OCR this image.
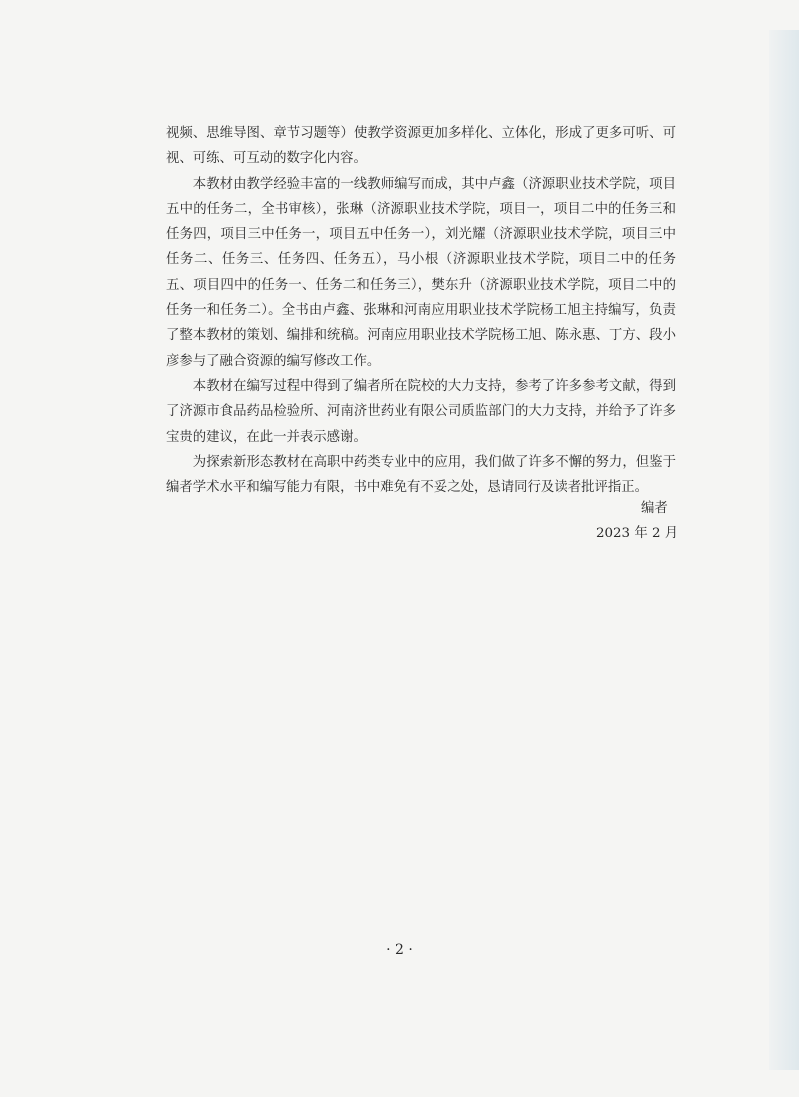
视频、思维导图、章节习题等）使教学资源更加多样化、立体化，形成了更多可听、可视、可练、可互动的数字化内容。

本教材由教学经验丰富的一线教师编写而成，其中卢鑫（济源职业技术学院，项目五中的任务二，全书审核），张琳（济源职业技术学院，项目一，项目二中的任务三和任务四，项目三中任务一，项目五中任务一），刘光耀（济源职业技术学院，项目三中任务二、任务三、任务四、任务五），马小根（济源职业技术学院，项目二中的任务五、项目四中的任务一、任务二和任务三），樊东升（济源职业技术学院，项目二中的任务一和任务二）。全书由卢鑫、张琳和河南应用职业技术学院杨工旭主持编写，负责了整本教材的策划、编排和统稿。河南应用职业技术学院杨工旭、陈永惠、丁方、段小彦参与了融合资源的编写修改工作。

本教材在编写过程中得到了编者所在院校的大力支持，参考了许多参考文献，得到了济源市食品药品检验所、河南济世药业有限公司质监部门的大力支持，并给予了许多宝贵的建议，在此一并表示感谢。

为探索新形态教材在高职中药类专业中的应用，我们做了许多不懈的努力，但鉴于编者学术水平和编写能力有限，书中难免有不妥之处，恳请同行及读者批评指正。

编者
2023 年 2 月
· 2 ·
